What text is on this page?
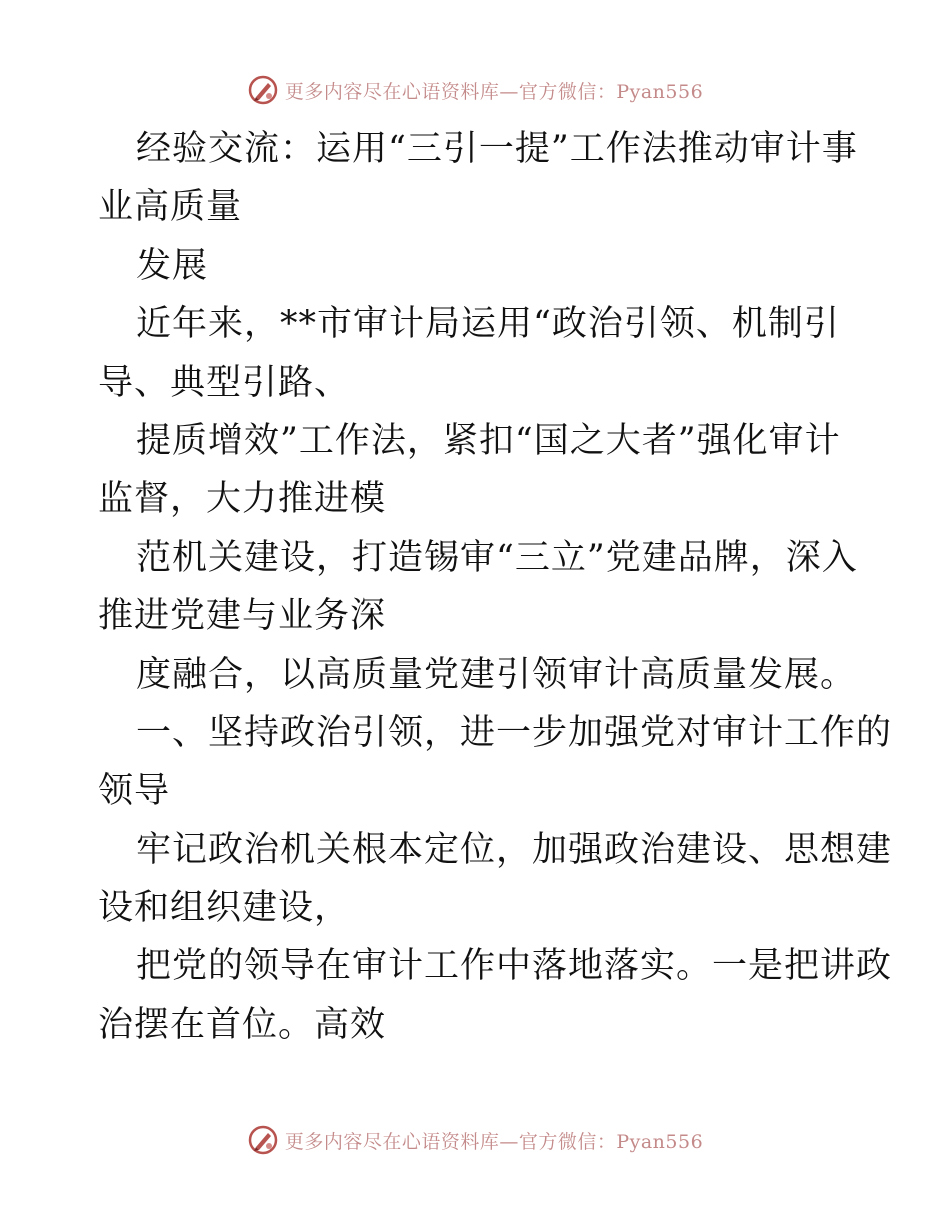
更多内容尽在心语资料库—官方微信：Pyan556
经验交流：运用“三引一提”工作法推动审计事
业高质量
发展
近年来，**市审计局运用“政治引领、机制引
导、典型引路、
提质增效”工作法，紧扣“国之大者”强化审计
监督，大力推进模
范机关建设，打造锡审“三立”党建品牌，深入
推进党建与业务深
度融合，以高质量党建引领审计高质量发展。
一、坚持政治引领，进一步加强党对审计工作的
领导
牢记政治机关根本定位，加强政治建设、思想建
设和组织建设，
把党的领导在审计工作中落地落实。一是把讲政
治摆在首位。高效
更多内容尽在心语资料库—官方微信：Pyan556
